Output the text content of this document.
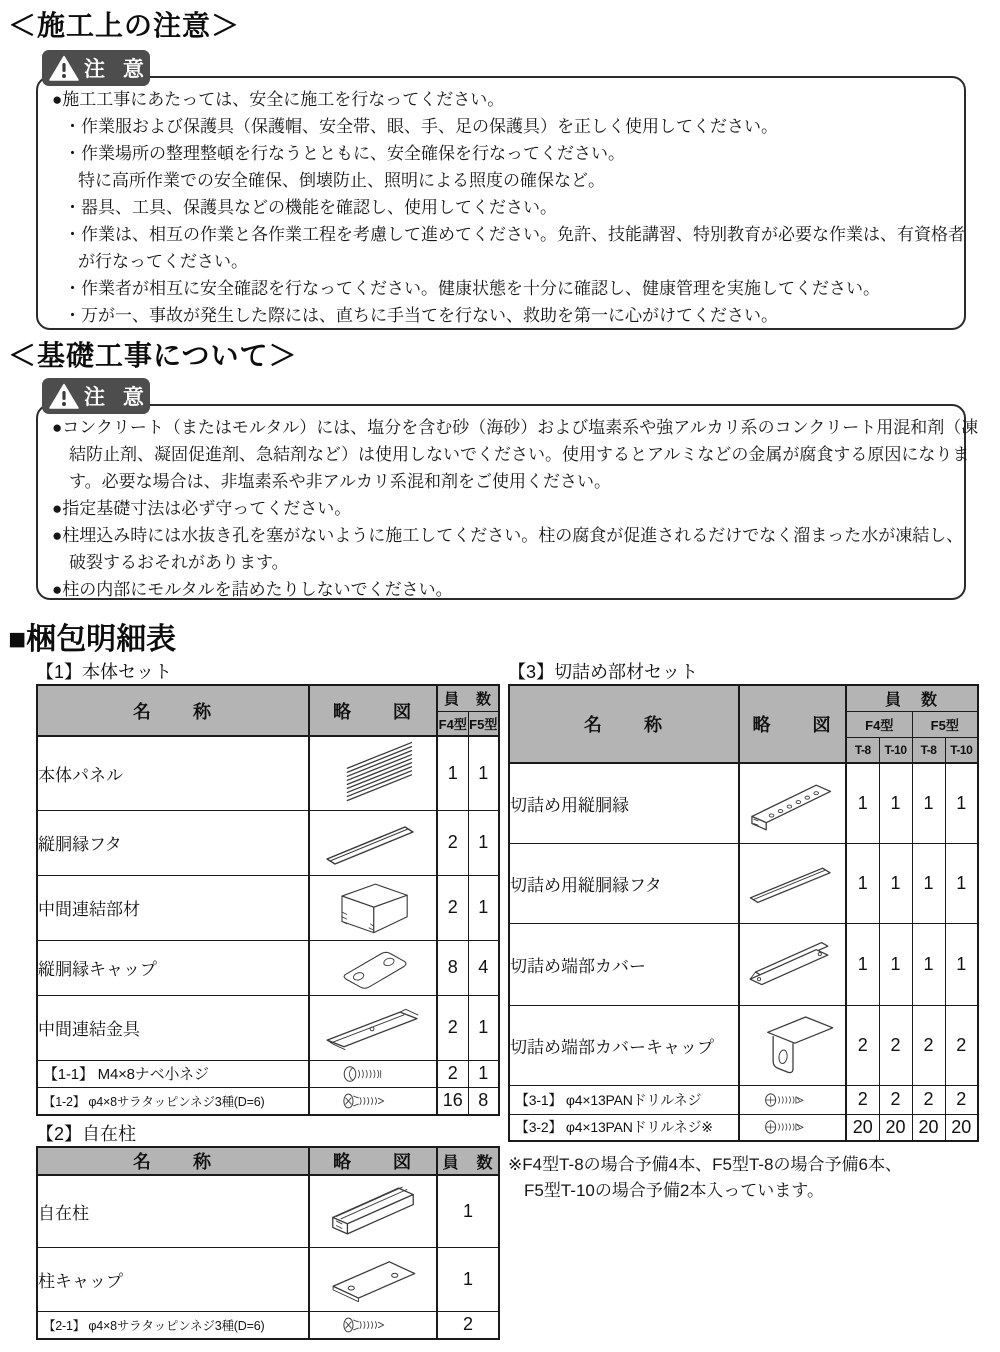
＜施工上の注意＞
注 意
●施工工事にあたっては、安全に施工を行なってください。
・作業服および保護具（保護帽、安全帯、眼、手、足の保護具）を正しく使用してください。
・作業場所の整理整頓を行なうとともに、安全確保を行なってください。
特に高所作業での安全確保、倒壊防止、照明による照度の確保など。
・器具、工具、保護具などの機能を確認し、使用してください。
・作業は、相互の作業と各作業工程を考慮して進めてください。免許、技能講習、特別教育が必要な作業は、有資格者
が行なってください。
・作業者が相互に安全確認を行なってください。健康状態を十分に確認し、健康管理を実施してください。
・万が一、事故が発生した際には、直ちに手当てを行ない、救助を第一に心がけてください。
＜基礎工事について＞
注 意
●コンクリート（またはモルタル）には、塩分を含む砂（海砂）および塩素系や強アルカリ系のコンクリート用混和剤（凍
結防止剤、凝固促進剤、急結剤など）は使用しないでください。使用するとアルミなどの金属が腐食する原因になりま
す。必要な場合は、非塩素系や非アルカリ系混和剤をご使用ください。
●指定基礎寸法は必ず守ってください。
●柱埋込み時には水抜き孔を塞がないように施工してください。柱の腐食が促進されるだけでなく溜まった水が凍結し、
破裂するおそれがあります。
●柱の内部にモルタルを詰めたりしないでください。
■梱包明細表
【1】本体セット
名　　称	略　　図	員　数	
		F4型	F5型
本体パネル		1	1
縦胴縁フタ		2	1
中間連結部材		2	1
縦胴縁キャップ		8	4
中間連結金具		2	1
【1-1】 M4×8ナベ小ネジ		2	1
【1-2】 φ4×8サラタッピンネジ3種(D=6)		16	8
【2】自在柱
名　　称	略　　図	員　数
自在柱		1
柱キャップ		1
【2-1】 φ4×8サラタッピンネジ3種(D=6)		2
【3】切詰め部材セット
名　　称	略　　図	員　数			
		F4型		F5型	
		T-8	T-10	T-8	T-10
切詰め用縦胴縁		1	1	1	1
切詰め用縦胴縁フタ		1	1	1	1
切詰め端部カバー		1	1	1	1
切詰め端部カバーキャップ		2	2	2	2
【3-1】 φ4×13PANドリルネジ		2	2	2	2
【3-2】 φ4×13PANドリルネジ※		20	20	20	20
※F4型T-8の場合予備4本、F5型T-8の場合予備6本、
F5型T-10の場合予備2本入っています。
